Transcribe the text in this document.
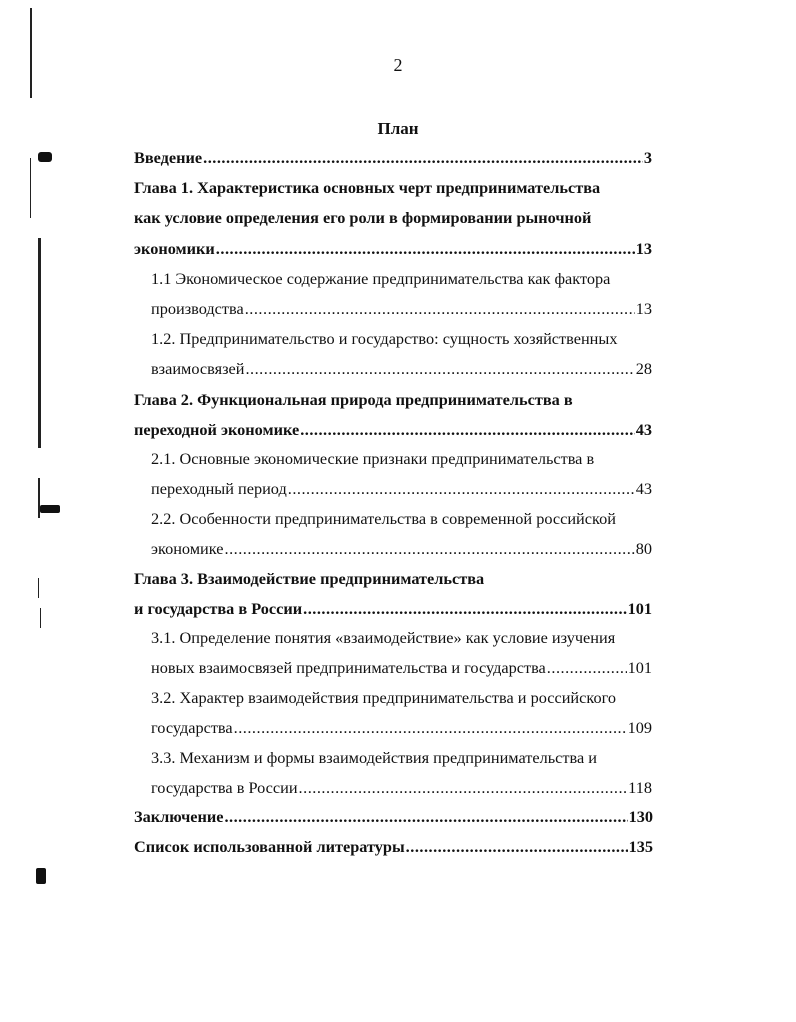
2
План
Введение .....	3
Глава 1. Характеристика основных черт предпринимательства
как условие определения его роли в формировании рыночной
экономики .....	13
1.1 Экономическое содержание предпринимательства как фактора
производства .....	13
1.2. Предпринимательство и государство: сущность хозяйственных
взаимосвязей .....	28
Глава 2. Функциональная природа предпринимательства в
переходной экономике .....	43
2.1. Основные экономические признаки предпринимательства в
переходный период .....	43
2.2. Особенности предпринимательства в современной российской
экономике .....	80
Глава 3. Взаимодействие предпринимательства
и государства в России .....	101
3.1. Определение понятия «взаимодействие» как условие изучения
новых взаимосвязей предпринимательства и государства .....	101
3.2. Характер взаимодействия предпринимательства и российского
государства .....	109
3.3. Механизм и формы взаимодействия предпринимательства и
государства в России .....	118
Заключение .....	130
Список использованной литературы .....	135
